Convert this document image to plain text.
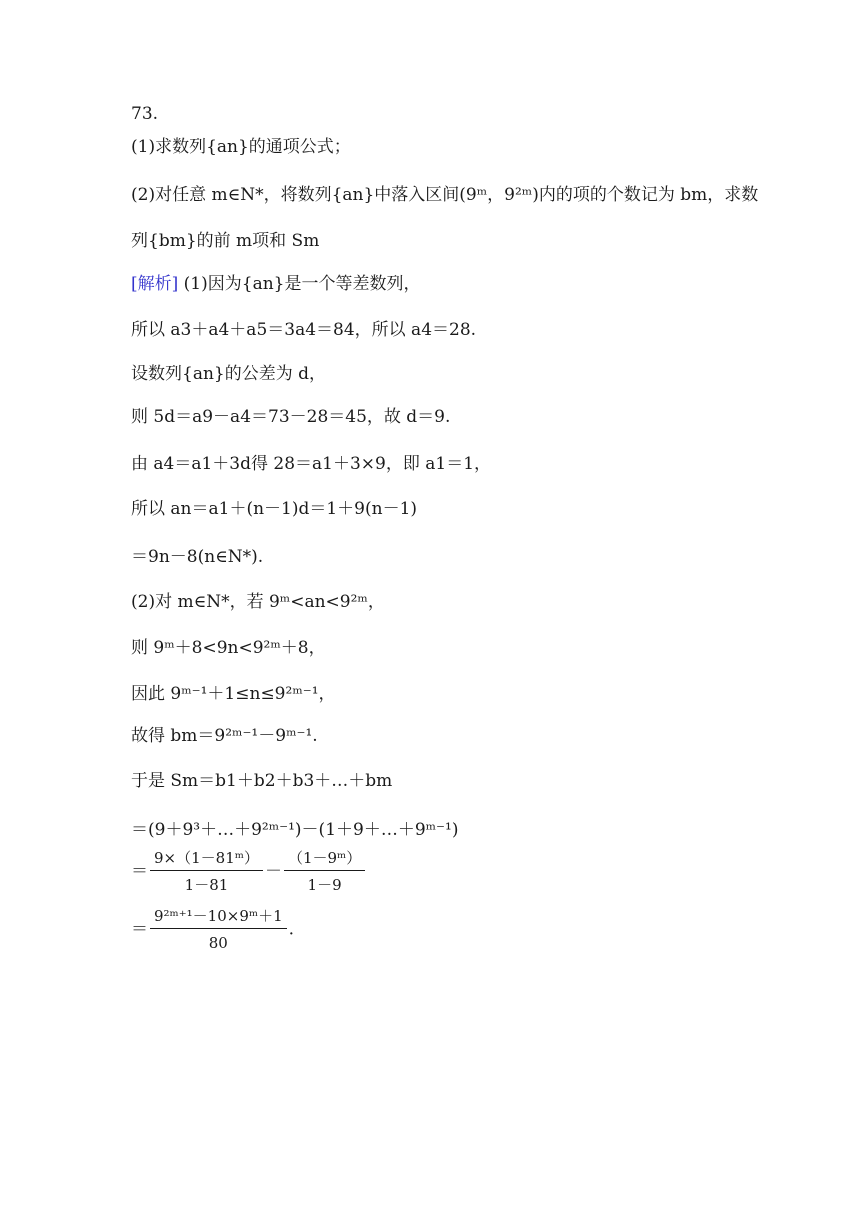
73.
(1)求数列{an}的通项公式；
(2)对任意 m∈N*，将数列{an}中落入区间(9ᵐ，9²ᵐ)内的项的个数记为 bm，求数
列{bm}的前 m项和 Sm
[解析] (1)因为{an}是一个等差数列，
所以 a3＋a4＋a5＝3a4＝84，所以 a4＝28.
设数列{an}的公差为 d，
则 5d＝a9－a4＝73－28＝45，故 d＝9.
由 a4＝a1＋3d得 28＝a1＋3×9，即 a1＝1，
所以 an＝a1＋(n－1)d＝1＋9(n－1)
＝9n－8(n∈N*).
(2)对 m∈N*，若 9ᵐ<an<9²ᵐ，
则 9ᵐ＋8<9n<9²ᵐ＋8，
因此 9ᵐ⁻¹＋1≤n≤9²ᵐ⁻¹，
故得 bm＝9²ᵐ⁻¹－9ᵐ⁻¹.
于是 Sm＝b1＋b2＋b3＋…＋bm
＝(9＋9³＋…＋9²ᵐ⁻¹)－(1＋9＋…＋9ᵐ⁻¹)
＝ $\frac{\text{9×（1－81ᵐ）}}{1-81} - \frac{\text{（1－9ᵐ）}}{1-9}$
＝ $\frac{\text{9²ᵐ⁺¹－10×9ᵐ＋1}}{80}$ .
